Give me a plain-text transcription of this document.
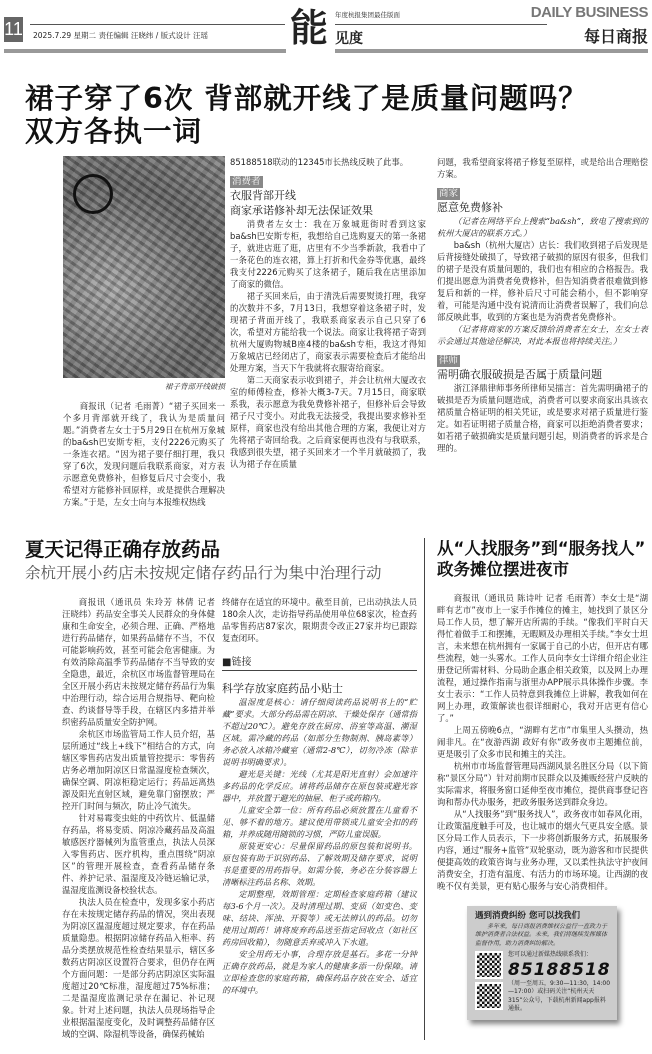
11 2025.7.29 星期二 责任编辑 汪晓纬 / 版式设计 汪瑶 能 年度杭报集团最佳版面
见度
DAILY BUSINESS
每日商报
裙子穿了6次 背部就开线了是质量问题吗？
双方各执一词
裙子背部开线破损

商报讯（记者 毛雨菁）“裙子买回来一个多月背部就开线了，我认为是质量问题。”消费者左女士于5月29日在杭州万象城的ba&sh巴安斯专柜，支付2226元购买了一条连衣裙。“因为裙子要仔细打理，我只穿了6次，发现问题后我联系商家，对方表示愿意免费修补，但修复后尺寸会变小，我希望对方能修补回原样，或是提供合理解决方案。”于是，左女士向与本报维权热线

85188518联动的12345市长热线反映了此事。

消费者
衣服背部开线
商家承诺修补却无法保证效果

消费者左女士：我在万象城逛街时看到这家ba&sh巴安斯专柜，我想给自己选购夏天的第一条裙子，就进店逛了逛，店里有不少当季新款，我看中了一条花色的连衣裙，算上打折和代金券等优惠，最终我支付2226元购买了这条裙子，随后我在店里添加了商家的微信。

裙子买回来后，由于清洗后需要熨烫打理，我穿的次数并不多，7月13日，我想穿着这条裙子时，发现裙子背面开线了，我联系商家表示自己只穿了6次，希望对方能给我一个说法。商家让我将裙子寄到杭州大厦购物城B座4楼的ba&sh专柜，我这才得知万象城店已经闭店了，商家表示需要检查后才能给出处理方案，当天下午我就将衣服寄给商家。

第二天商家表示收到裙子，并会让杭州大厦改衣室的师傅检查，修补大概3-7天。7月15日，商家联系我，表示愿意为我免费修补裙子，但修补后会导致裙子尺寸变小。对此我无法接受，我提出要求修补至原样，商家也没有给出其他合理的方案，我便让对方先将裙子寄回给我。之后商家便再也没有与我联系，我感到很失望，裙子买回来才一个半月就破损了，我认为裙子存在质量

问题，我希望商家将裙子修复至原样，或是给出合理赔偿方案。

商家
愿意免费修补

（记者在网络平台上搜索“ba&sh”，致电了搜索到的杭州大厦店的联系方式。）

ba&sh（杭州大厦店）店长：我们收到裙子后发现是后背接缝处破损了，导致裙子破损的原因有很多，但我们的裙子是没有质量问题的，我们也有相应的合格报告。我们提出愿意为消费者免费修补，但告知消费者很难做到修复后和新的一样，修补后尺寸可能会稍小，但不影响穿着，可能是沟通中没有说清而让消费者误解了，我们向总部反映此事，收到的方案也是为消费者免费修补。

（记者将商家的方案反馈给消费者左女士，左女士表示会通过其他途径解决，对此本报也将持续关注。）

律师
需明确衣服破损是否属于质量问题

浙江泽鼎律师事务所律师吴擂言：首先需明确裙子的破损是否为质量问题造成，消费者可以要求商家出具该衣裙质量合格证明的相关凭证，或是要求对裙子质量进行鉴定。如若证明裙子质量合格，商家可以拒绝消费者要求；如若裙子破损确实是质量问题引起，则消费者的诉求是合理的。

夏天记得正确存放药品
余杭开展小药店未按规定储存药品行为集中治理行动

商报讯（通讯员 朱玲芳 林倩 记者 汪晓纬）药品安全事关人民群众的身体健康和生命安全，必须合理、正确、严格地进行药品储存，如果药品储存不当，不仅可能影响药效，甚至可能会危害健康。为有效消除高温季节药品储存不当导致的安全隐患，最近，余杭区市场监督管理局在全区开展小药店未按规定储存药品行为集中治理行动，综合运用合规指导、靶向检查、约谈督导等手段，在辖区内多措并举织密药品质量安全防护网。

余杭区市场监管局工作人员介绍，基层所通过“线上+线下”相结合的方式，向辖区零售药店发出质量管控提示：零售药店务必增加阴凉区日常温湿度检查频次，确保空调、阴凉柜稳定运行；药品远离热源及阳光直射区域，避免靠门窗摆放；严控开门时间与频次，防止冷气流失。

针对易霉变虫蛀的中药饮片、低温储存药品，将易变质、阴凉冷藏药品及高温敏感医疗器械列为监管重点，执法人员深入零售药店、医疗机构，重点围绕“阴凉区”的管理开展检查，查看药品储存条件、养护记录、温湿度及冷链运输记录，温湿度监测设备校验状态。

执法人员在检查中，发现多家小药店存在未按规定储存药品的情况，突出表现为阴凉区温湿度超过规定要求，存在药品质量隐患。根据阴凉储存药品入柜率、药品分类摆放规范性检查结果显示，辖区多数药店阴凉区设置符合要求，但仍存在两个方面问题：一是部分药店阴凉区实际温度超过20℃标准，湿度超过75%标准；二是温湿度监测记录存在漏记、补记现象。针对上述问题，执法人员现场指导企业根据温湿度变化，及时调整药品储存区域的空调、除湿机等设备，确保药械始

终储存在适宜的环境中。截至目前，已出动执法人员180余人次，走访指导药品使用单位68家次，检查药品零售药店87家次，限期责令改正27家并均已跟踪复查闭环。

■链接
科学存放家庭药品小贴士

温湿度是核心：请仔细阅读药品说明书上的“贮藏”要求。大部分药品需在阴凉、干燥处保存（通常指不超过20℃）。避免存放在厨房、浴室等高温、潮湿区域。需冷藏的药品（如部分生物制剂、胰岛素等）务必放入冰箱冷藏室（通常2-8℃），切勿冷冻（除非说明书明确要求）。

避光是关键：光线（尤其是阳光直射）会加速许多药品的化学反应。请将药品储存在原包装或避光容器中，并放置于避光的抽屉、柜子或药箱内。

儿童安全第一位：所有药品必须放置在儿童看不见、够不着的地方。建议使用带锁或儿童安全扣的药箱，并养成随用随锁的习惯，严防儿童误服。

原装更安心：尽量保留药品的原包装和说明书。原包装有助于识别药品、了解效期及储存要求，说明书是重要的用药指导。如需分装，务必在分装容器上清晰标注药品名称、效期。

定期整理，效期管理：定期检查家庭药箱（建议每3-6个月一次）。及时清理过期、变质（如变色、变味、结块、浑浊、开裂等）或无法辨认的药品。切勿使用过期药！请将废弃药品送至指定回收点（如社区药房回收箱），勿随意丢弃或冲入下水道。

安全用药无小事，合理存放是基石。多花一分钟正确存放药品，就是为家人的健康多添一份保障。请立即检查您的家庭药箱，确保药品存放在安全、适宜的环境中。

从“人找服务”到“服务找人”
政务摊位摆进夜市

商报讯（通讯员 陈诗叶 记者 毛雨菁）李女士是“湖畔有艺市”夜市上一家手作摊位的摊主，她找到了景区分局工作人员，想了解开店所需的手续。“像我们平时白天得忙着做手工和摆摊，无暇顾及办理相关手续。”李女士坦言，未来想在杭州拥有一家属于自己的小店，但开店有哪些流程，她一头雾水。工作人员向李女士详细介绍企业注册登记所需材料、分局助企惠企相关政策，以及网上办理流程，通过操作指南与浙里办APP展示具体操作步骤。李女士表示：“工作人员特意到我摊位上讲解，教我如何在网上办理，政策解读也很详细耐心，我对开店更有信心了。”

上周五傍晚6点，“湖畔有艺市”市集里人头攒动，热闹非凡。在“夜游西湖 政好有你”政务夜市主题摊位前，更是吸引了众多市民和摊主的关注。

杭州市市场监督管理局西湖风景名胜区分局（以下简称“景区分局”）针对前期市民群众以及摊贩经营户反映的实际需求，将服务窗口延伸至夜市摊位，提供商事登记咨询和帮办代办服务，把政务服务送到群众身边。

从“人找服务”到“服务找人”，政务夜市如春风化雨，让政策温度触手可及，也让城市的烟火气更具安全感。景区分局工作人员表示，下一步将创新服务方式，拓展服务内容，通过“服务+监管”双轮驱动，既为游客和市民提供便捷高效的政策咨询与业务办理，又以柔性执法守护夜间消费安全，打造有温度、有活力的市场环境。让西湖的夜晚不仅有美景，更有贴心服务与安心消费相伴。

遇到消费纠纷 您可以找我们
多年来，每日商报消费维权公益行一直致力于维护消费者合法权益。未来，我们将继续发挥媒体监督作用，助力消费纠纷解决。
您可以通过新媒热线联系我们：
85188518
（周一至周五，9:30—11:30，14:00—17:00）或扫码关注“杭州天天315”公众号，下载杭州新闻app报料通报。
